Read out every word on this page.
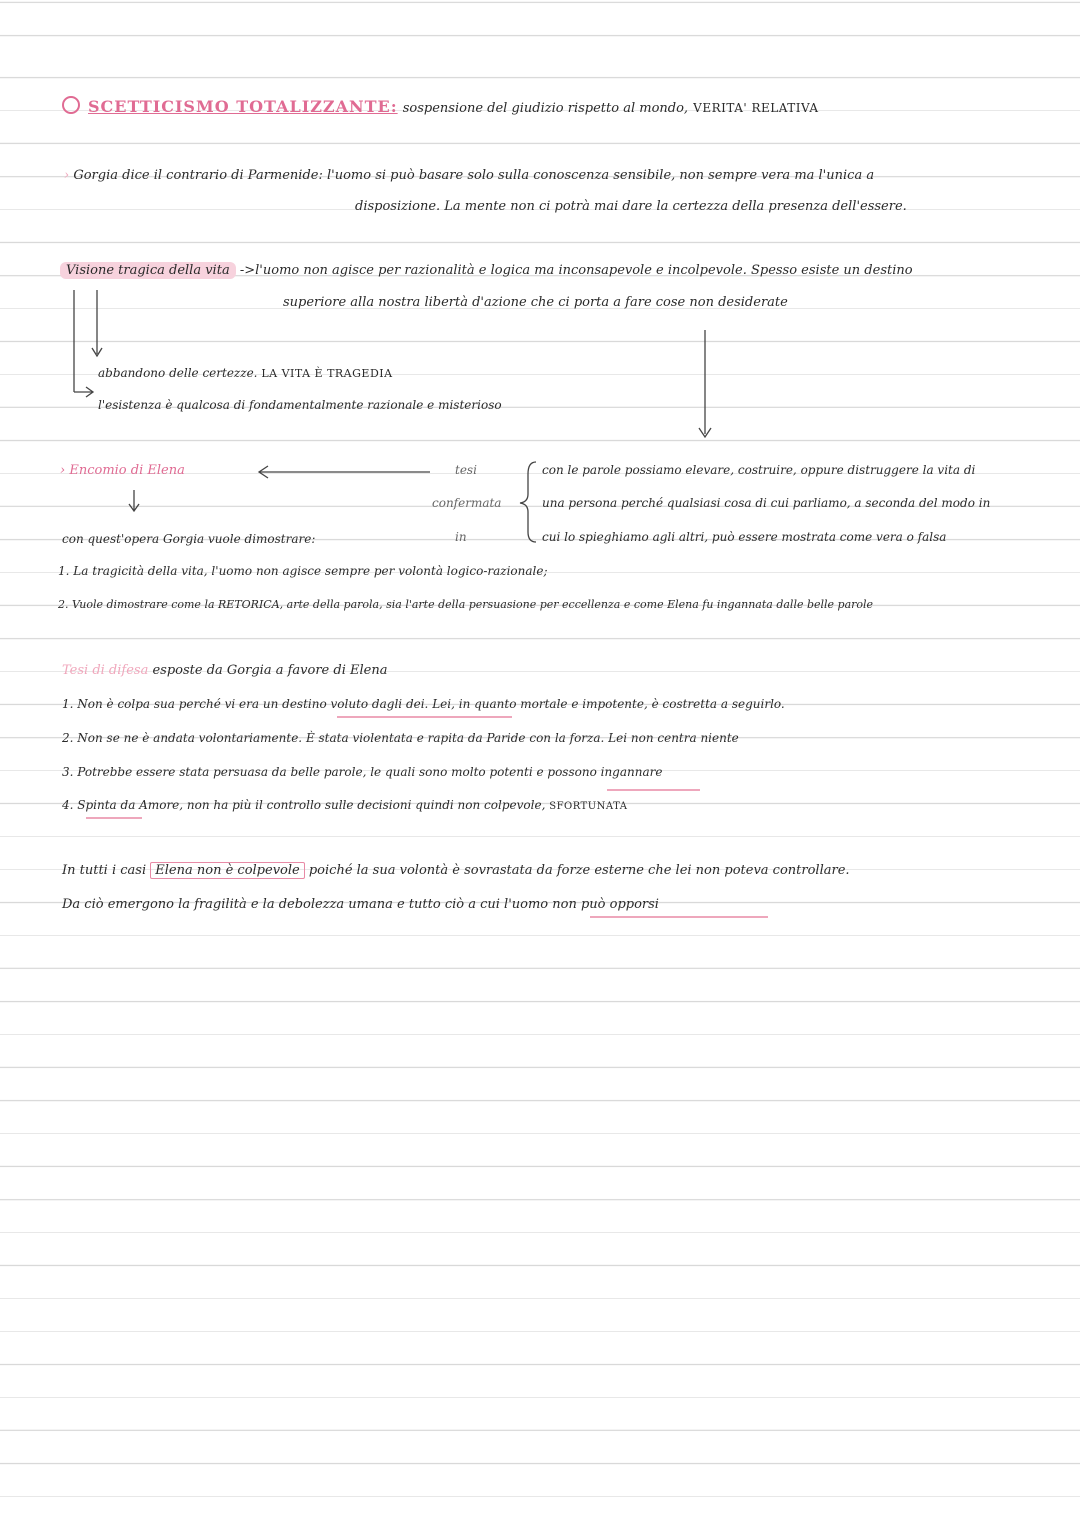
SCETTICISMO TOTALIZZANTE: sospensione del giudizio rispetto al mondo, VERITA' RELATIVA
› Gorgia dice il contrario di Parmenide: l'uomo si può basare solo sulla conoscenza sensibile, non sempre vera ma l'unica a
disposizione. La mente non ci potrà mai dare la certezza della presenza dell'essere.
Visione tragica della vita ->l'uomo non agisce per razionalità e logica ma inconsapevole e incolpevole. Spesso esiste un destino
superiore alla nostra libertà d'azione che ci porta a fare cose non desiderate
abbandono delle certezze. LA VITA È TRAGEDIA
l'esistenza è qualcosa di fondamentalmente razionale e misterioso
› Encomio di Elena	tesi
confermata
in
con le parole possiamo elevare, costruire, oppure distruggere la vita di
una persona perché qualsiasi cosa di cui parliamo, a seconda del modo in
cui lo spieghiamo agli altri, può essere mostrata come vera o falsa
con quest'opera Gorgia vuole dimostrare:
1. La tragicità della vita, l'uomo non agisce sempre per volontà logico-razionale;
2. Vuole dimostrare come la RETORICA, arte della parola, sia l'arte della persuasione per eccellenza e come Elena fu ingannata dalle belle parole
Tesi di difesa esposte da Gorgia a favore di Elena
1. Non è colpa sua perché vi era un destino voluto dagli dei. Lei, in quanto mortale e impotente, è costretta a seguirlo.
2. Non se ne è andata volontariamente. È stata violentata e rapita da Paride con la forza. Lei non centra niente
3. Potrebbe essere stata persuasa da belle parole, le quali sono molto potenti e possono ingannare
4. Spinta da Amore, non ha più il controllo sulle decisioni quindi non colpevole, SFORTUNATA
In tutti i casi Elena non è colpevole poiché la sua volontà è sovrastata da forze esterne che lei non poteva controllare.
Da ciò emergono la fragilità e la debolezza umana e tutto ciò a cui l'uomo non può opporsi
